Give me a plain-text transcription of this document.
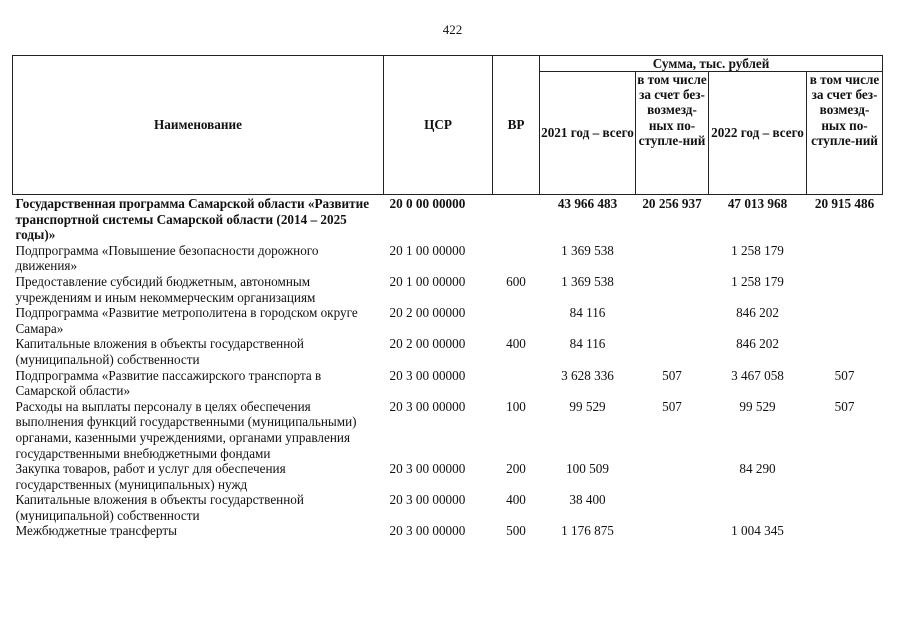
422
Наименование	ЦСР	ВР	Сумма, тыс. рублей			
			2021 год – всего	в том числе за счет без-возмезд-ных по-ступле-ний	2022 год – всего	в том числе за счет без-возмезд-ных по-ступле-ний
Государственная программа Самарской области «Развитие транспортной системы Самарской области (2014 – 2025 годы)»	20 0 00 00000		43 966 483	20 256 937	47 013 968	20 915 486
Подпрограмма «Повышение безопасности дорожного движения»	20 1 00 00000		1 369 538		1 258 179	
Предоставление субсидий бюджетным, автономным учреждениям и иным некоммерческим организациям	20 1 00 00000	600	1 369 538		1 258 179	
Подпрограмма «Развитие метрополитена в городском округе Самара»	20 2 00 00000		84 116		846 202	
Капитальные вложения в объекты государственной (муниципальной) собственности	20 2 00 00000	400	84 116		846 202	
Подпрограмма «Развитие пассажирского транспорта в Самарской области»	20 3 00 00000		3 628 336	507	3 467 058	507
Расходы на выплаты персоналу в целях обеспечения выполнения функций государственными (муниципальными) органами, казенными учреждениями, органами управления государственными внебюджетными фондами	20 3 00 00000	100	99 529	507	99 529	507
Закупка товаров, работ и услуг для обеспечения государственных (муниципальных) нужд	20 3 00 00000	200	100 509		84 290	
Капитальные вложения в объекты государственной (муниципальной) собственности	20 3 00 00000	400	38 400			
Межбюджетные трансферты	20 3 00 00000	500	1 176 875		1 004 345	
